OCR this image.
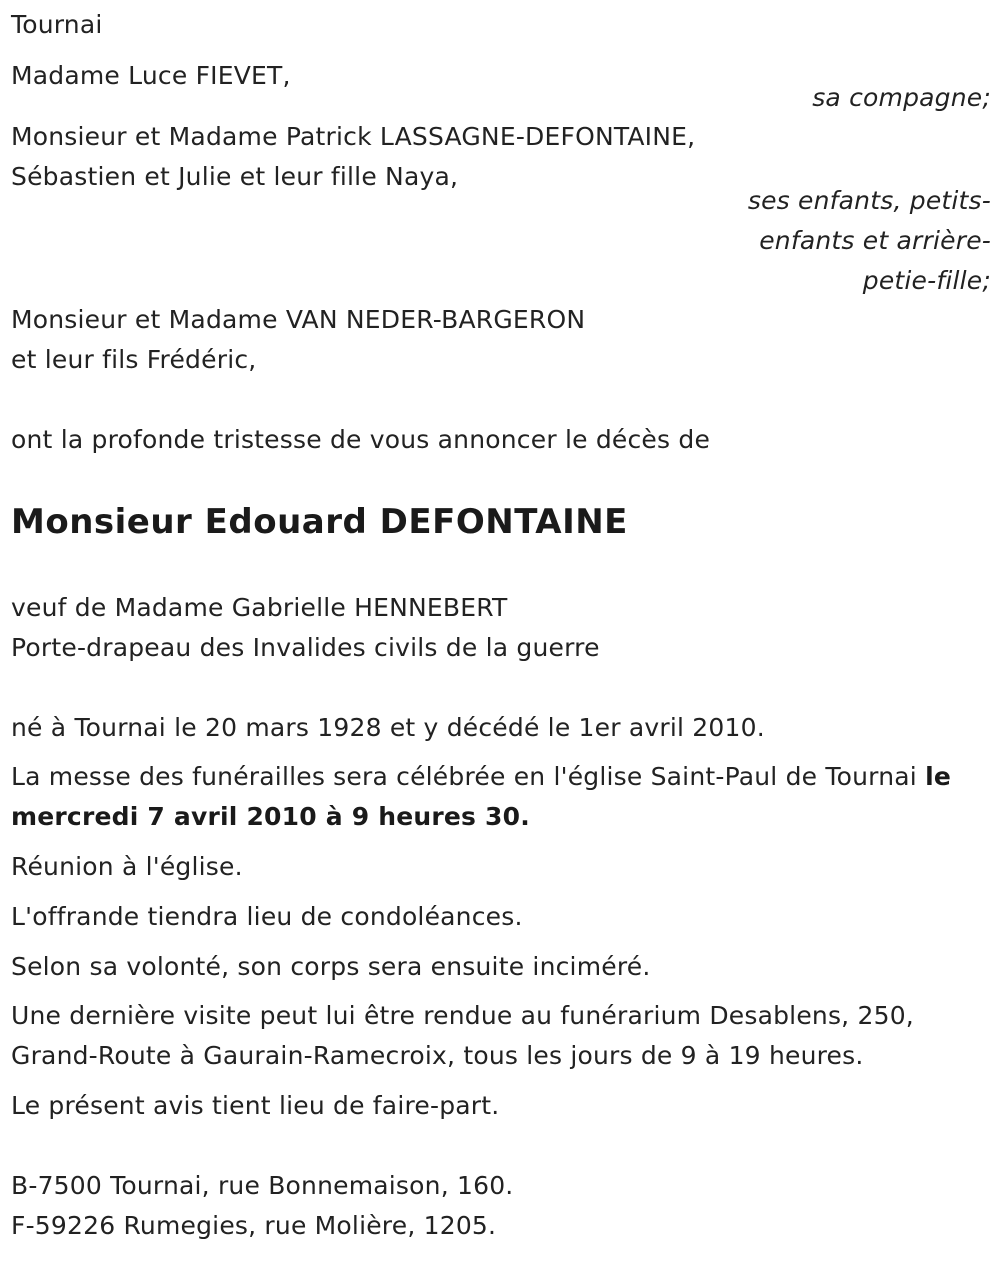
Tournai
Madame Luce FIEVET,
sa compagne;
Monsieur et Madame Patrick LASSAGNE-DEFONTAINE,
Sébastien et Julie et leur fille Naya,
ses enfants, petits-
enfants et arrière-
petie-fille;
Monsieur et Madame VAN NEDER-BARGERON
et leur fils Frédéric,
ont la profonde tristesse de vous annoncer le décès de
Monsieur Edouard DEFONTAINE
veuf de Madame Gabrielle HENNEBERT
Porte-drapeau des Invalides civils de la guerre
né à Tournai le 20 mars 1928 et y décédé le 1er avril 2010.
La messe des funérailles sera célébrée en l'église Saint-Paul de Tournai le
mercredi 7 avril 2010 à 9 heures 30.
Réunion à l'église.
L'offrande tiendra lieu de condoléances.
Selon sa volonté, son corps sera ensuite inciméré.
Une dernière visite peut lui être rendue au funérarium Desablens, 250,
Grand-Route à Gaurain-Ramecroix, tous les jours de 9 à 19 heures.
Le présent avis tient lieu de faire-part.
B-7500 Tournai, rue Bonnemaison, 160.
F-59226 Rumegies, rue Molière, 1205.
